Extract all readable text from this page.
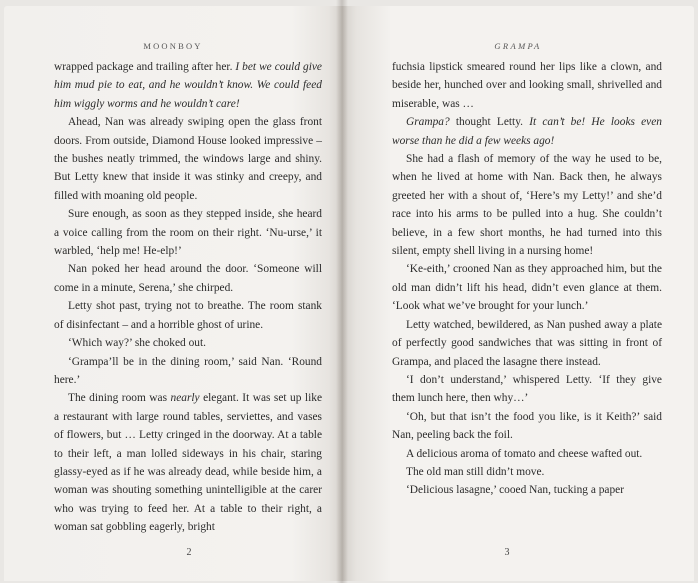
MOONBOY

wrapped package and trailing after her. I bet we could give him mud pie to eat, and he wouldn’t know. We could feed him wiggly worms and he wouldn’t care!

Ahead, Nan was already swiping open the glass front doors. From outside, Diamond House looked impressive – the bushes neatly trimmed, the windows large and shiny. But Letty knew that inside it was stinky and creepy, and filled with moaning old people.

Sure enough, as soon as they stepped inside, she heard a voice calling from the room on their right. ‘Nu-urse,’ it warbled, ‘help me! He-elp!’

Nan poked her head around the door. ‘Someone will come in a minute, Serena,’ she chirped.

Letty shot past, trying not to breathe. The room stank of disinfectant – and a horrible ghost of urine.

‘Which way?’ she choked out.

‘Grampa’ll be in the dining room,’ said Nan. ‘Round here.’

The dining room was nearly elegant. It was set up like a restaurant with large round tables, serviettes, and vases of flowers, but … Letty cringed in the doorway. At a table to their left, a man lolled sideways in his chair, staring glassy-eyed as if he was already dead, while beside him, a woman was shouting something unintelligible at the carer who was trying to feed her. At a table to their right, a woman sat gobbling eagerly, bright

2
GRAMPA

fuchsia lipstick smeared round her lips like a clown, and beside her, hunched over and looking small, shrivelled and miserable, was …

Grampa? thought Letty. It can’t be! He looks even worse than he did a few weeks ago!

She had a flash of memory of the way he used to be, when he lived at home with Nan. Back then, he always greeted her with a shout of, ‘Here’s my Letty!’ and she’d race into his arms to be pulled into a hug. She couldn’t believe, in a few short months, he had turned into this silent, empty shell living in a nursing home!

‘Ke-eith,’ crooned Nan as they approached him, but the old man didn’t lift his head, didn’t even glance at them. ‘Look what we’ve brought for your lunch.’

Letty watched, bewildered, as Nan pushed away a plate of perfectly good sandwiches that was sitting in front of Grampa, and placed the lasagne there instead.

‘I don’t understand,’ whispered Letty. ‘If they give them lunch here, then why…’

‘Oh, but that isn’t the food you like, is it Keith?’ said Nan, peeling back the foil.

A delicious aroma of tomato and cheese wafted out.

The old man still didn’t move.

‘Delicious lasagne,’ cooed Nan, tucking a paper

3
